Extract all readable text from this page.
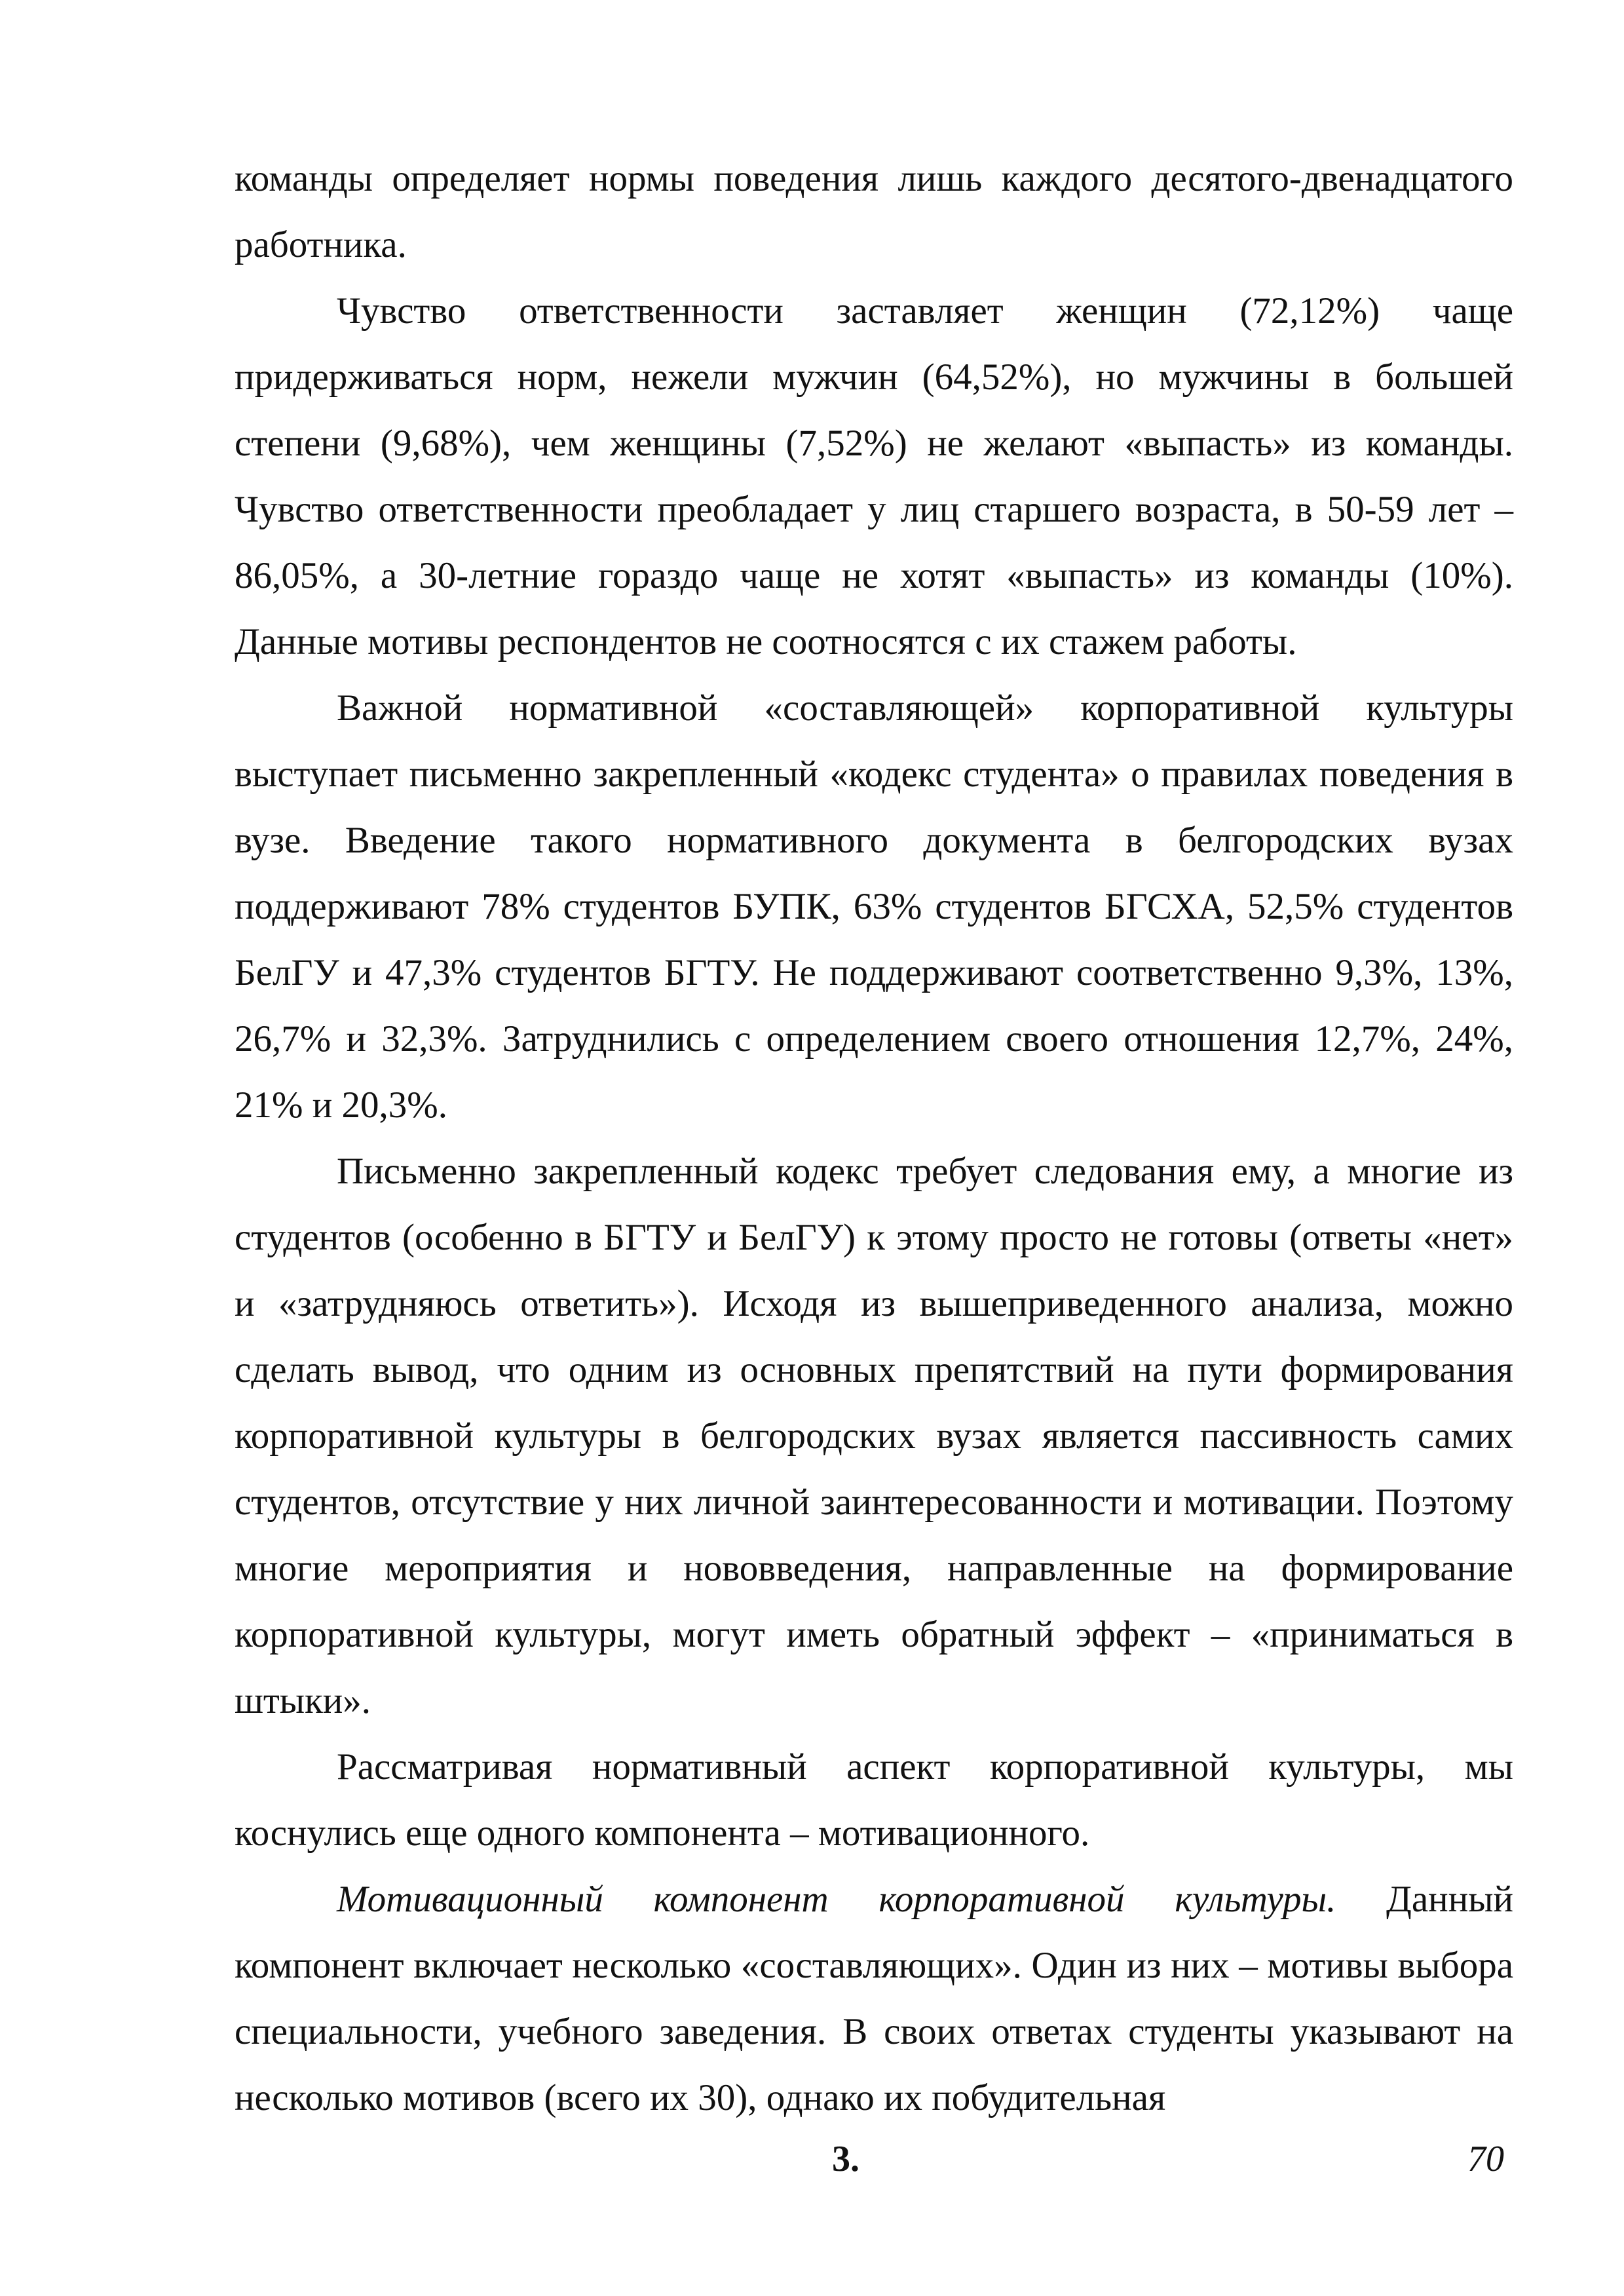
команды определяет нормы поведения лишь каждого десятого-двенадцатого работника.

Чувство ответственности заставляет женщин (72,12%) чаще придерживаться норм, нежели мужчин (64,52%), но мужчины в большей степени (9,68%), чем женщины (7,52%) не желают «выпасть» из команды. Чувство ответственности преобладает у лиц старшего возраста, в 50-59 лет – 86,05%, а 30-летние гораздо чаще не хотят «выпасть» из команды (10%). Данные мотивы респондентов не соотносятся с их стажем работы.

Важной нормативной «составляющей» корпоративной культуры выступает письменно закрепленный «кодекс студента» о правилах поведения в вузе. Введение такого нормативного документа в белгородских вузах поддерживают 78% студентов БУПК, 63% студентов БГСХА, 52,5% студентов БелГУ и 47,3% студентов БГТУ. Не поддерживают соответственно 9,3%, 13%, 26,7% и 32,3%. Затруднились с определением своего отношения 12,7%, 24%, 21% и 20,3%.

Письменно закрепленный кодекс требует следования ему, а многие из студентов (особенно в БГТУ и БелГУ) к этому просто не готовы (ответы «нет» и «затрудняюсь ответить»). Исходя из вышеприведенного анализа, можно сделать вывод, что одним из основных препятствий на пути формирования корпоративной культуры в белгородских вузах является пассивность самих студентов, отсутствие у них личной заинтересованности и мотивации. Поэтому многие мероприятия и нововведения, направленные на формирование корпоративной культуры, могут иметь обратный эффект – «приниматься в штыки».

Рассматривая нормативный аспект корпоративной культуры, мы коснулись еще одного компонента – мотивационного.

Мотивационный компонент корпоративной культуры. Данный компонент включает несколько «составляющих». Один из них – мотивы выбора специальности, учебного заведения. В своих ответах студенты указывают на несколько мотивов (всего их 30), однако их побудительная

3.	70
